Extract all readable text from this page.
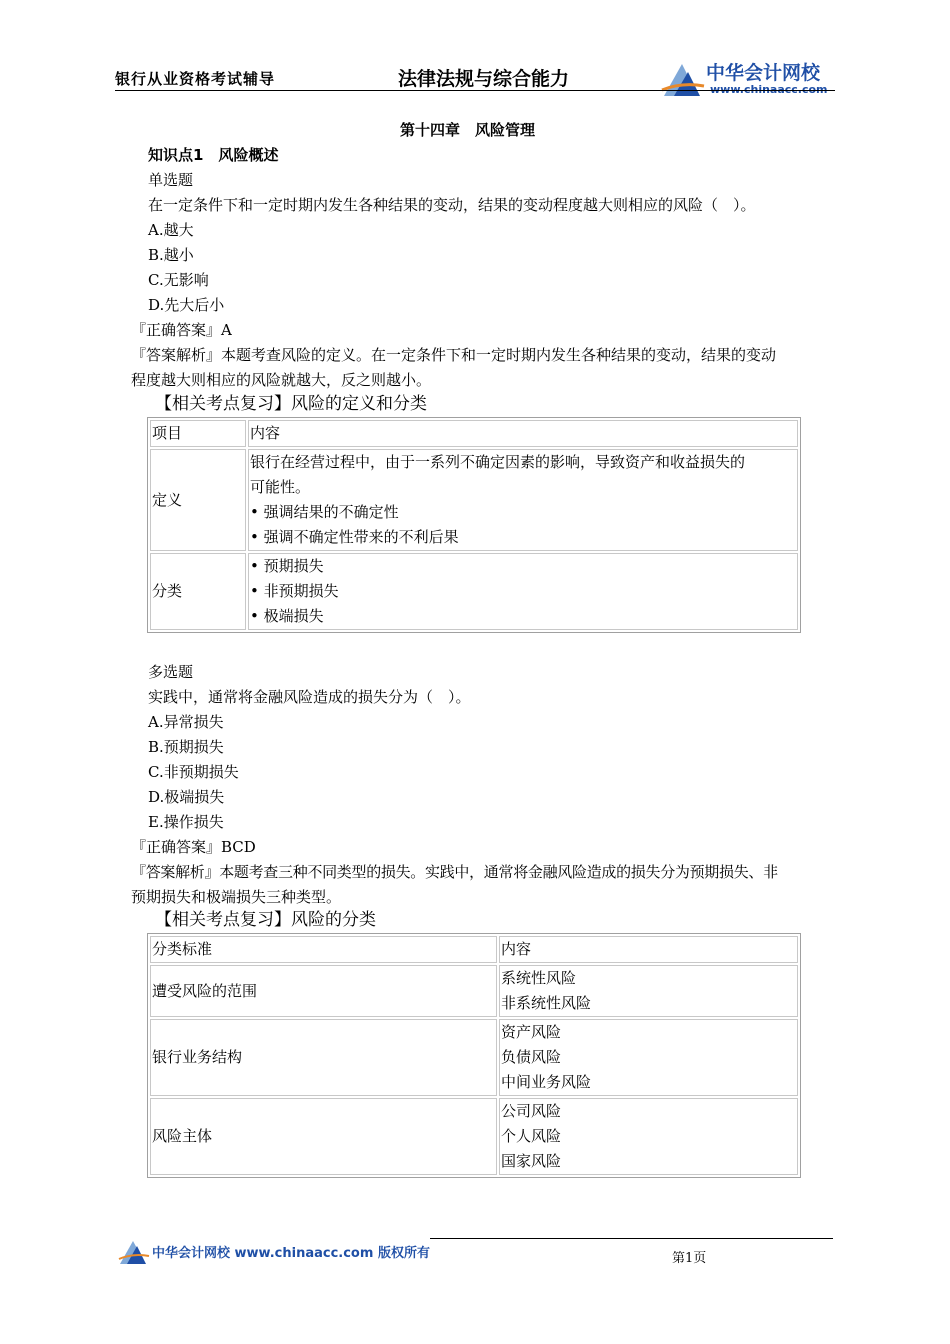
银行从业资格考试辅导	法律法规与综合能力	中华会计网校
www.chinaacc.com
第十四章　风险管理
知识点1　风险概述
单选题
在一定条件下和一定时期内发生各种结果的变动，结果的变动程度越大则相应的风险（　）。
A.越大
B.越小
C.无影响
D.先大后小
『正确答案』A
『答案解析』本题考查风险的定义。在一定条件下和一定时期内发生各种结果的变动，结果的变动
程度越大则相应的风险就越大，反之则越小。
【相关考点复习】风险的定义和分类
项目	内容
定义	银行在经营过程中，由于一系列不确定因素的影响，导致资产和收益损失的
可能性。
• 强调结果的不确定性
• 强调不确定性带来的不利后果

分类	• 预期损失
• 非预期损失
• 极端损失
多选题
实践中，通常将金融风险造成的损失分为（　）。
A.异常损失
B.预期损失
C.非预期损失
D.极端损失
E.操作损失
『正确答案』BCD
『答案解析』本题考查三种不同类型的损失。实践中，通常将金融风险造成的损失分为预期损失、非
预期损失和极端损失三种类型。
【相关考点复习】风险的分类
分类标准	内容
遭受风险的范围	系统性风险
非系统性风险

银行业务结构	资产风险
负债风险
中间业务风险

风险主体	公司风险
个人风险
国家风险
中华会计网校 www.chinaacc.com 版权所有	第1页
